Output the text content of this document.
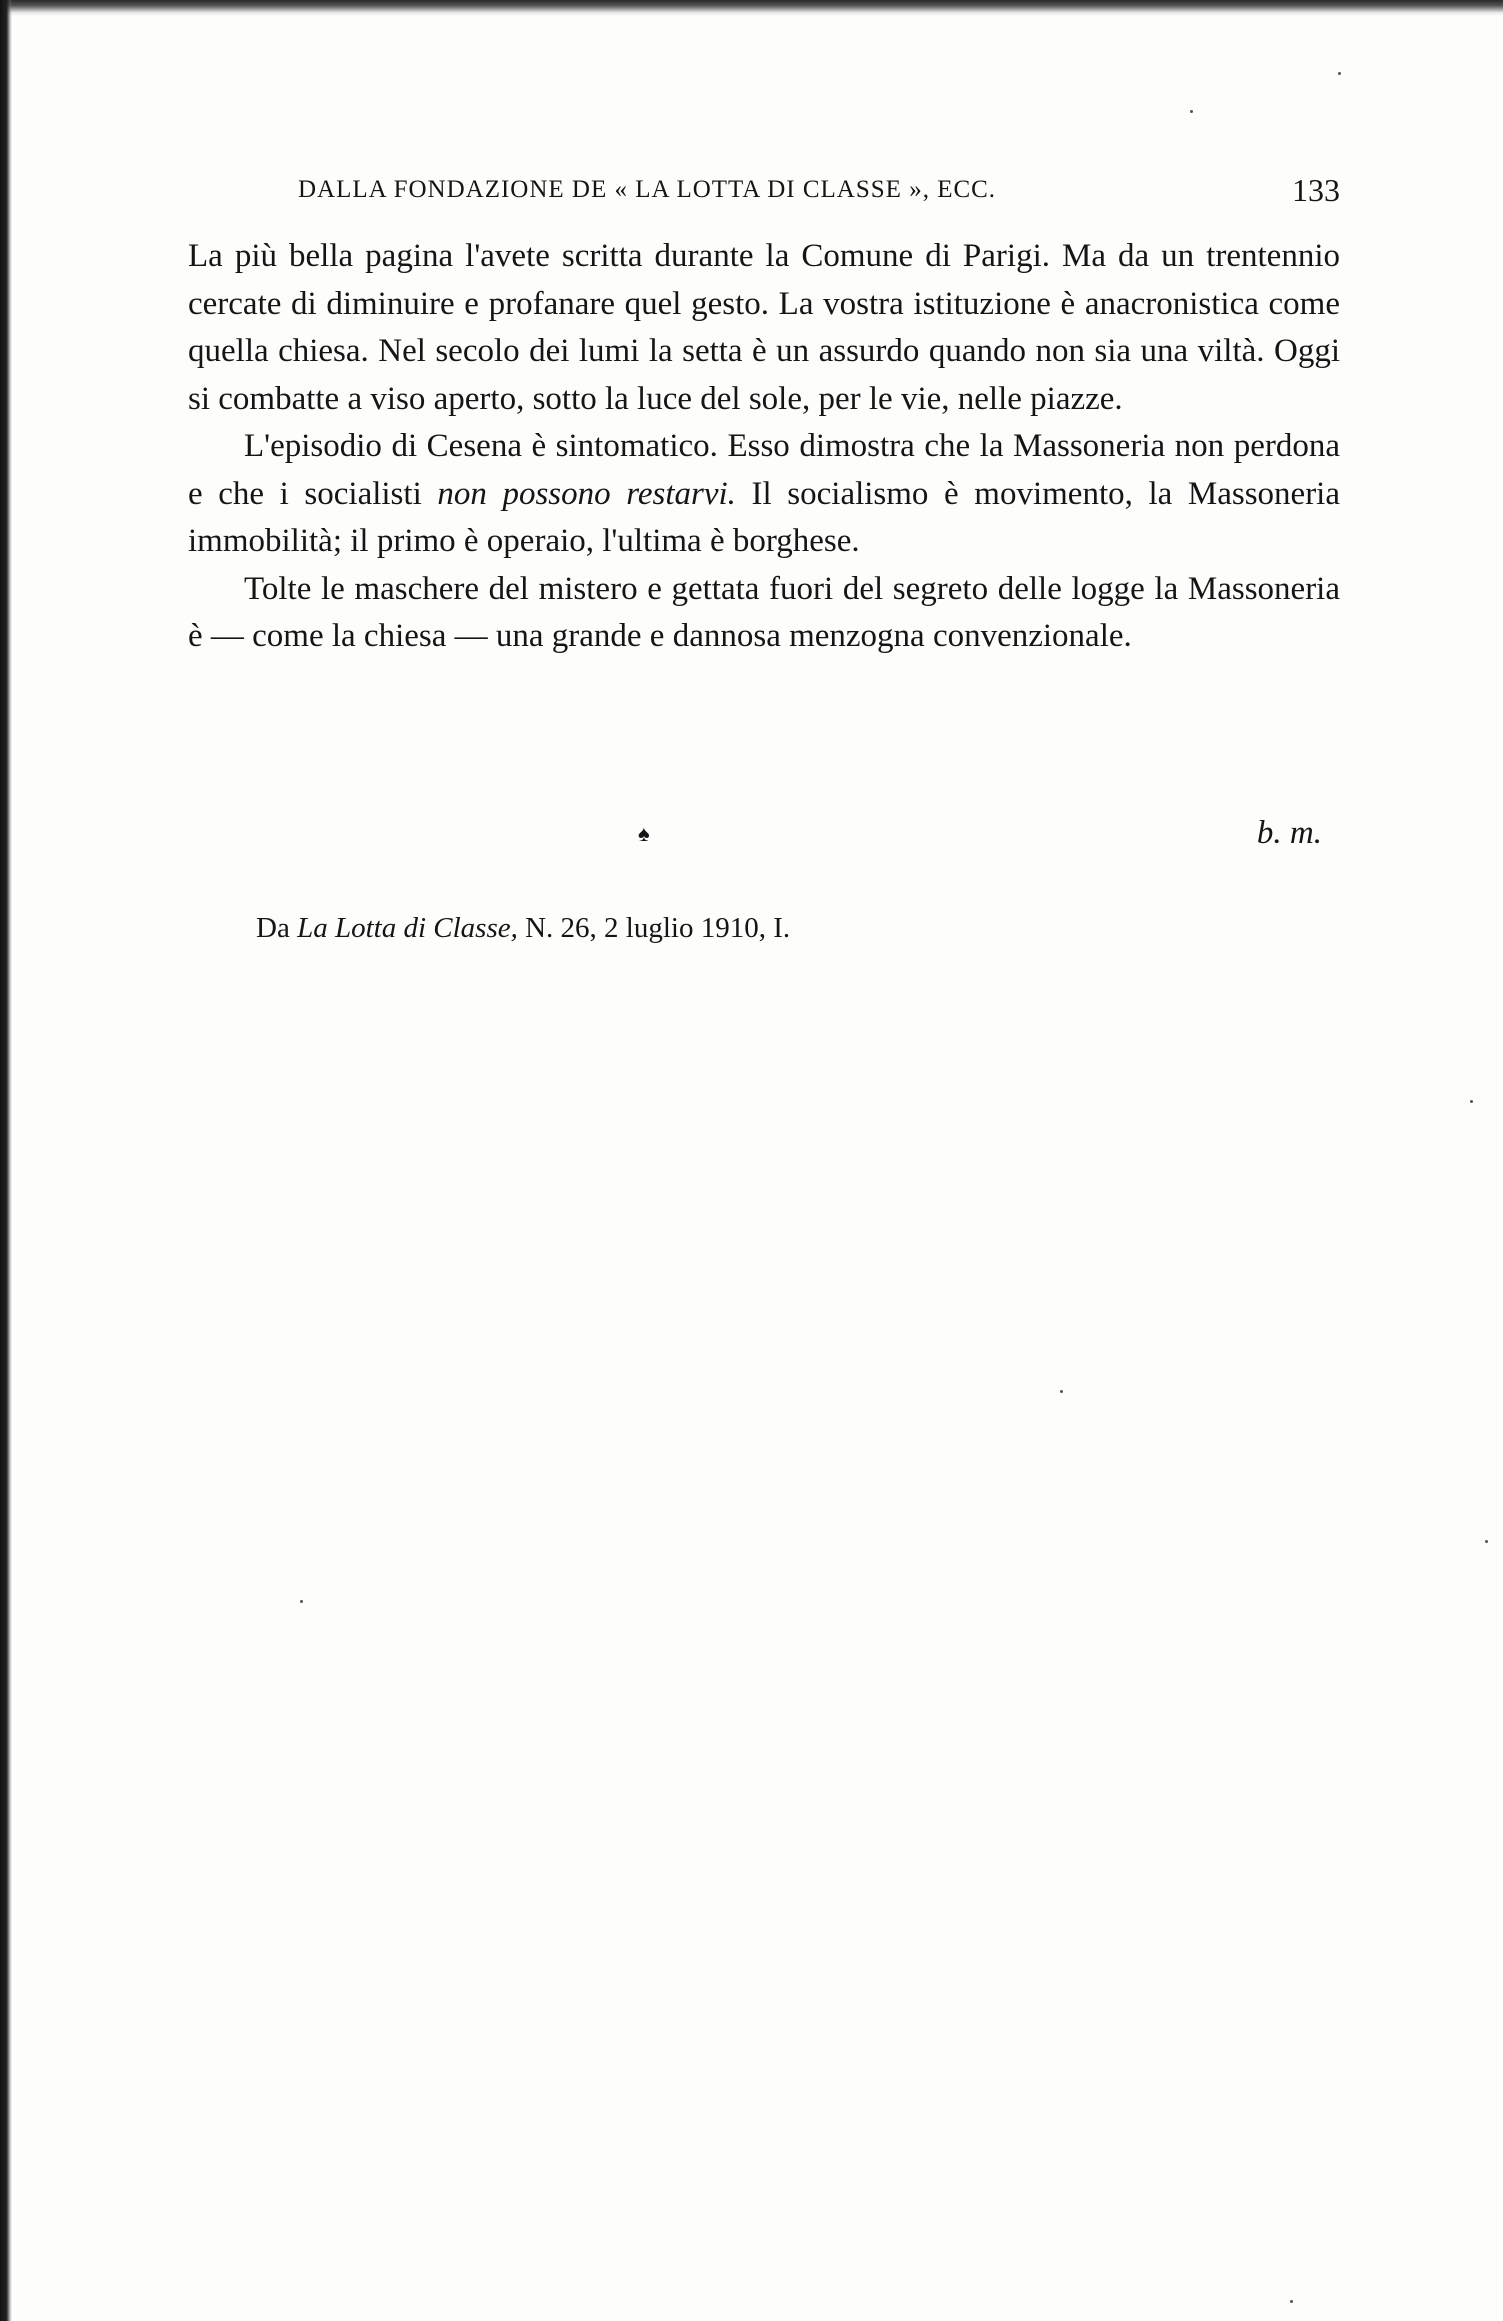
DALLA FONDAZIONE DE « LA LOTTA DI CLASSE », ECC.	133

La più bella pagina l'avete scritta durante la Comune di Parigi. Ma da un trentennio cercate di diminuire e profanare quel gesto. La vostra istituzione è anacronistica come quella chiesa. Nel secolo dei lumi la setta è un assurdo quando non sia una viltà. Oggi si combatte a viso aperto, sotto la luce del sole, per le vie, nelle piazze.

L'episodio di Cesena è sintomatico. Esso dimostra che la Massoneria non perdona e che i socialisti non possono restarvi. Il socialismo è movimento, la Massoneria immobilità; il primo è operaio, l'ultima è borghese.

Tolte le maschere del mistero e gettata fuori del segreto delle logge la Massoneria è — come la chiesa — una grande e dannosa menzogna convenzionale.

♠	b. m.
Da La Lotta di Classe, N. 26, 2 luglio 1910, I.
